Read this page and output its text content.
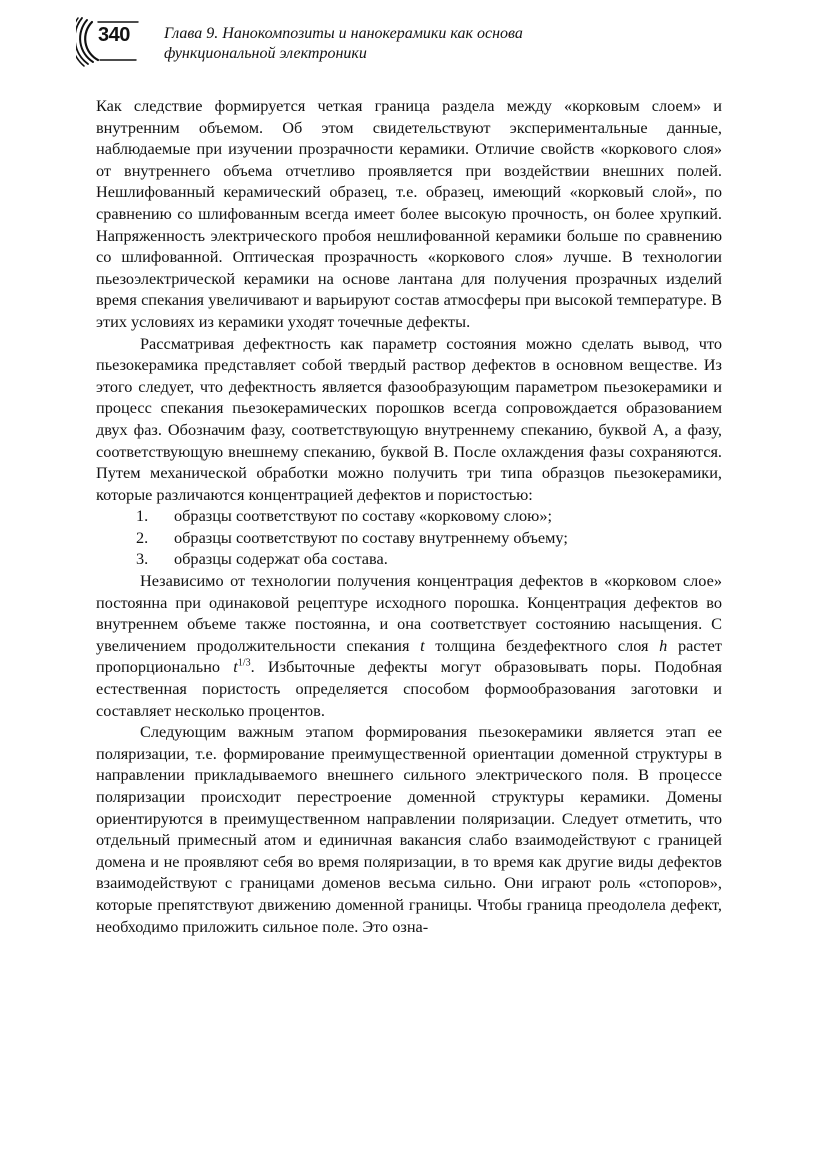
340 Глава 9. Нанокомпозиты и нанокерамики как основа
функциональной электроники

Как следствие формируется четкая граница раздела между «корковым слоем» и внутренним объемом. Об этом свидетельствуют экспериментальные данные, наблюдаемые при изучении прозрачности керамики. Отличие свойств «коркового слоя» от внутреннего объема отчетливо проявляется при воздействии внешних полей. Нешлифованный керамический образец, т.е. образец, имеющий «корковый слой», по сравнению со шлифованным всегда имеет более высокую прочность, он более хрупкий. Напряженность электрического пробоя нешлифованной керамики больше по сравнению со шлифованной. Оптическая прозрачность «коркового слоя» лучше. В технологии пьезоэлектрической керамики на основе лантана для получения прозрачных изделий время спекания увеличивают и варьируют состав атмосферы при высокой температуре. В этих условиях из керамики уходят точечные дефекты.

Рассматривая дефектность как параметр состояния можно сделать вывод, что пьезокерамика представляет собой твердый раствор дефектов в основном веществе. Из этого следует, что дефектность является фазообразующим параметром пьезокерамики и процесс спекания пьезокерамических порошков всегда сопровождается образованием двух фаз. Обозначим фазу, соответствующую внутреннему спеканию, буквой А, а фазу, соответствующую внешнему спеканию, буквой В. После охлаждения фазы сохраняются. Путем механической обработки можно получить три типа образцов пьезокерамики, которые различаются концентрацией дефектов и пористостью:

1.	образцы соответствуют по составу «корковому слою»;
2.	образцы соответствуют по составу внутреннему объему;
3.	образцы содержат оба состава.

Независимо от технологии получения концентрация дефектов в «корковом слое» постоянна при одинаковой рецептуре исходного порошка. Концентрация дефектов во внутреннем объеме также постоянна, и она соответствует состоянию насыщения. С увеличением продолжительности спекания t толщина бездефектного слоя h растет пропорционально $t^{1/3}$. Избыточные дефекты могут образовывать поры. Подобная естественная пористость определяется способом формообразования заготовки и составляет несколько процентов.

Следующим важным этапом формирования пьезокерамики является этап ее поляризации, т.е. формирование преимущественной ориентации доменной структуры в направлении прикладываемого внешнего сильного электрического поля. В процессе поляризации происходит перестроение доменной структуры керамики. Домены ориентируются в преимущественном направлении поляризации. Следует отметить, что отдельный примесный атом и единичная вакансия слабо взаимодействуют с границей домена и не проявляют себя во время поляризации, в то время как другие виды дефектов взаимодействуют с границами доменов весьма сильно. Они играют роль «стопоров», которые препятствуют движению доменной границы. Чтобы граница преодолела дефект, необходимо приложить сильное поле. Это озна-
